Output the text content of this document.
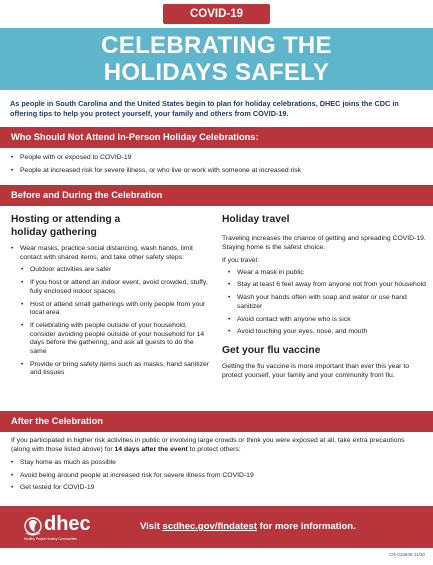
COVID-19
CELEBRATING THE
HOLIDAYS SAFELY

As people in South Carolina and the United States begin to plan for holiday celebrations, DHEC joins the CDC in offering tips to help you protect yourself, your family and others from COVID-19.

Who Should Not Attend In-Person Holiday Celebrations:
• People with or exposed to COVID-19
• People at increased risk for severe illness, or who live or work with someone at increased risk
Before and During the Celebration
Hosting or attending a
holiday gathering
• Wear masks, practice social distancing, wash hands, limit contact with shared items, and take other safety steps:
• Outdoor activities are safer
• If you host or attend an indoor event, avoid crowded, stuffy, fully enclosed indoor spaces
• Host or attend small gatherings with only people from your local area
• If celebrating with people outside of your household, consider avoiding people outside of your household for 14 days before the gathering, and ask all guests to do the same
• Provide or bring safety items such as masks, hand sanitizer and tissues
Holiday travel

Traveling increases the chance of getting and spreading COVID-19. Staying home is the safest choice.

If you travel:

• Wear a mask in public
• Stay at least 6 feet away from anyone not from your household
• Wash your hands often with soap and water or use hand sanitizer
• Avoid contact with anyone who is sick
• Avoid touching your eyes, nose, and mouth
Get your flu vaccine

Getting the flu vaccine is more important than ever this year to protect yourself, your family and your community from flu.

After the Celebration

If you participated in higher risk activities in public or involving large crowds or think you were exposed at all, take extra precautions (along with those listed above) for 14 days after the event to protect others:

• Stay home as much as possible
• Avoid being around people at increased risk for severe illness from COVID-19
• Get tested for COVID-19
dhec
Healthy People Healthy Communities
Visit scdhec.gov/findatest for more information.
CR-012849 11/20
